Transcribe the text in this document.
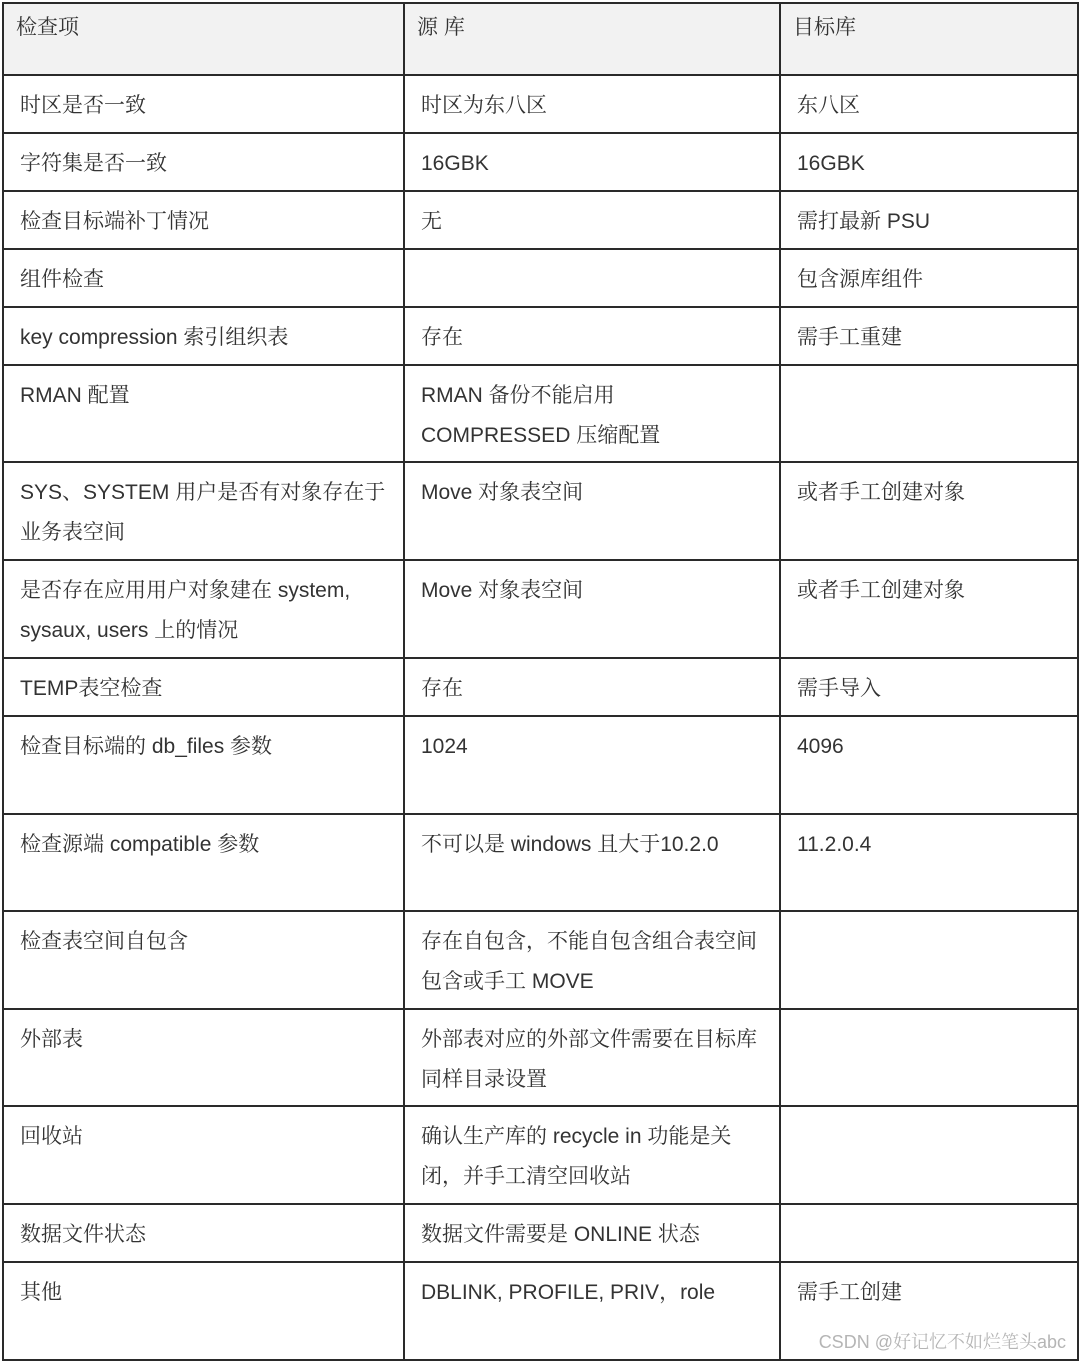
检查项	源 库	目标库
时区是否一致	时区为东八区	东八区
字符集是否一致	16GBK	16GBK
检查目标端补丁情况	无	需打最新 PSU
组件检查		包含源库组件
key compression 索引组织表	存在	需手工重建
RMAN 配置	RMAN 备份不能启用 COMPRESSED 压缩配置	
SYS、SYSTEM 用户是否有对象存在于业务表空间	Move 对象表空间	或者手工创建对象
是否存在应用用户对象建在 system, sysaux, users 上的情况	Move 对象表空间	或者手工创建对象
TEMP表空检查	存在	需手导入
检查目标端的 db_files 参数	1024	4096
检查源端 compatible 参数	不可以是 windows 且大于10.2.0	11.2.0.4
检查表空间自包含	存在自包含，不能自包含组合表空间包含或手工 MOVE	
外部表	外部表对应的外部文件需要在目标库同样目录设置	
回收站	确认生产库的 recycle in 功能是关闭，并手工清空回收站	
数据文件状态	数据文件需要是 ONLINE 状态	
其他	DBLINK, PROFILE, PRIV，role	需手工创建
CSDN @好记忆不如烂笔头abc
